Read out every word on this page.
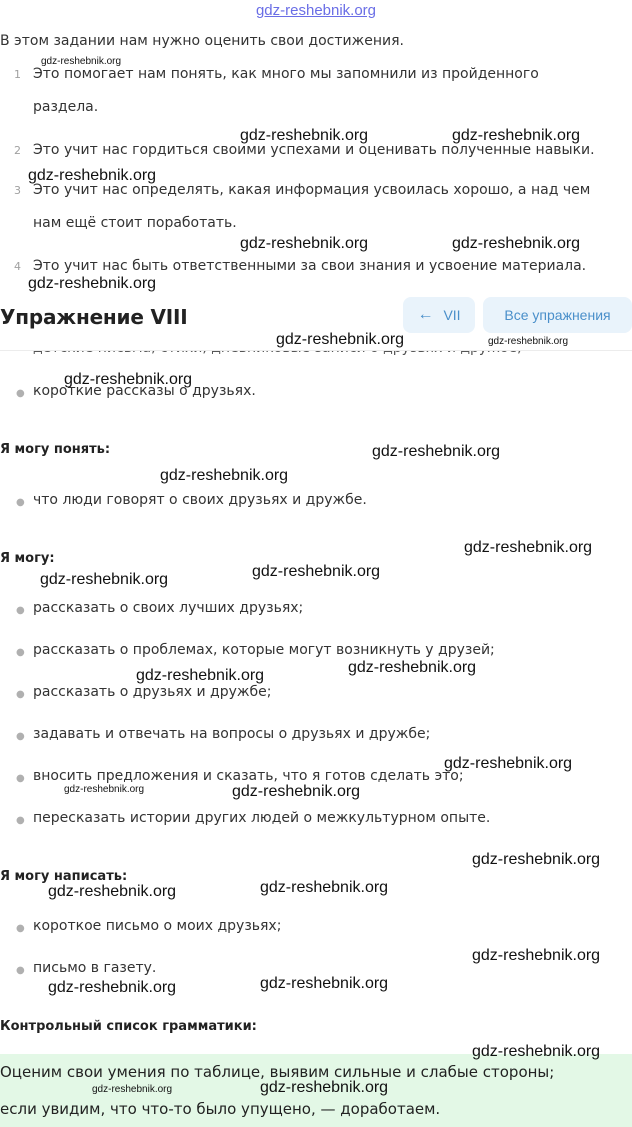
gdz-reshebnik.org
В этом задании нам нужно оценить свои достижения.
1 Это помогает нам понять, как много мы запомнили из пройденного
раздела.
2 Это учит нас гордиться своими успехами и оценивать полученные навыки.
3 Это учит нас определять, какая информация усвоилась хорошо, а над чем
нам ещё стоит поработать.
4 Это учит нас быть ответственными за свои знания и усвоение материала.
Упражнение VIII	← VII	Все упражнения
● короткие рассказы о друзьях.
Я могу понять:
● что люди говорят о своих друзьях и дружбе.
Я могу:
● рассказать о своих лучших друзьях;
● рассказать о проблемах, которые могут возникнуть у друзей;
● рассказать о друзьях и дружбе;
● задавать и отвечать на вопросы о друзьях и дружбе;
● вносить предложения и сказать, что я готов сделать это;
● пересказать истории других людей о межкультурном опыте.
Я могу написать:
● короткое письмо о моих друзьях;
● письмо в газету.
Контрольный список грамматики:
Оценим свои умения по таблице, выявим сильные и слабые стороны;
если увидим, что что-то было упущено, — доработаем.
gdz-reshebnik.org
gdz-reshebnik.org	gdz-reshebnik.org
gdz-reshebnik.org
gdz-reshebnik.org	gdz-reshebnik.org
gdz-reshebnik.org
gdz-reshebnik.org	gdz-reshebnik.org
gdz-reshebnik.org
gdz-reshebnik.org
gdz-reshebnik.org
gdz-reshebnik.org
gdz-reshebnik.org
gdz-reshebnik.org
gdz-reshebnik.org
gdz-reshebnik.org
gdz-reshebnik.org
gdz-reshebnik.org	gdz-reshebnik.org
gdz-reshebnik.org
gdz-reshebnik.org
gdz-reshebnik.org
gdz-reshebnik.org
gdz-reshebnik.org
gdz-reshebnik.org
gdz-reshebnik.org
gdz-reshebnik.org
gdz-reshebnik.org
